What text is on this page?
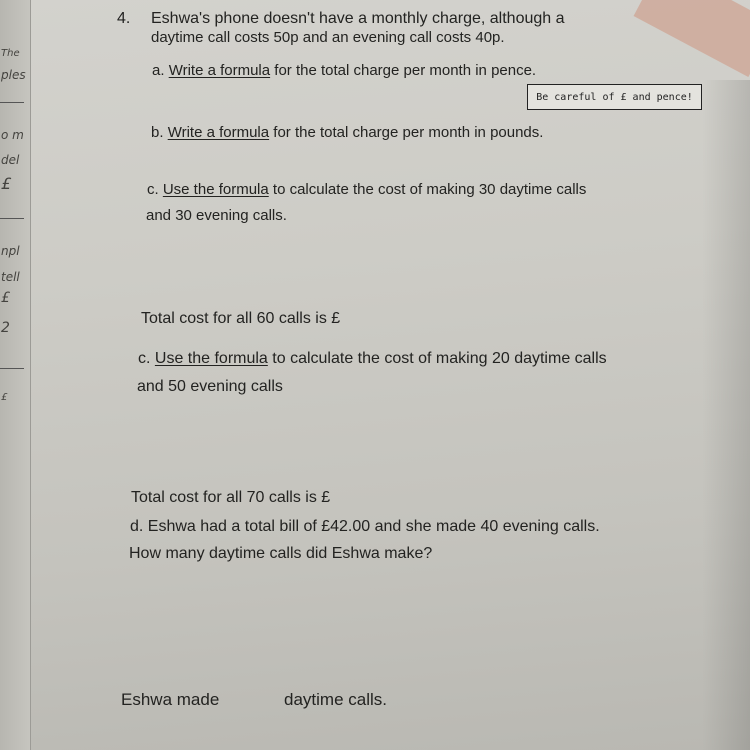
The
ples
o m
del
£
npl
tell
£
2
£
4. Eshwa's phone doesn't have a monthly charge, although a
daytime call costs 50p and an evening call costs 40p.
a. Write a formula for the total charge per month in pence.
Be careful of £ and pence!
b. Write a formula for the total charge per month in pounds.
c. Use the formula to calculate the cost of making 30 daytime calls
and 30 evening calls.
Total cost for all 60 calls is £
c. Use the formula to calculate the cost of making 20 daytime calls
and 50 evening calls
Total cost for all 70 calls is £
d. Eshwa had a total bill of £42.00 and she made 40 evening calls.
How many daytime calls did Eshwa make?
Eshwa made	daytime calls.
